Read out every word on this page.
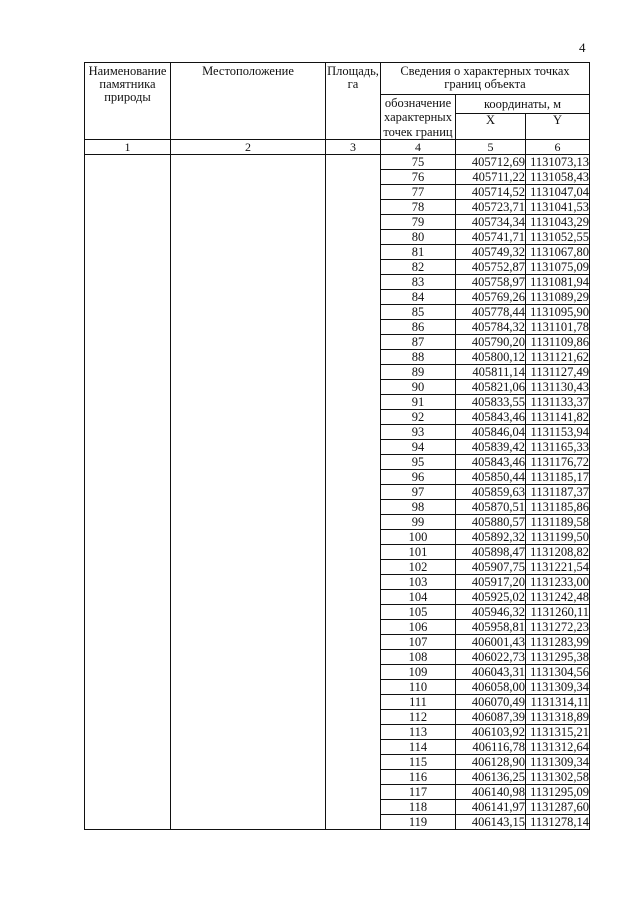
4
Наименование памятника природы	Местоположение	Площадь, га	Сведения о характерных точках границ объекта		
			обозначение характерных точек границ	координаты, м	
				X	Y
1	2	3	4	5	6
			75	405712,69	1131073,13
			76	405711,22	1131058,43
			77	405714,52	1131047,04
			78	405723,71	1131041,53
			79	405734,34	1131043,29
			80	405741,71	1131052,55
			81	405749,32	1131067,80
			82	405752,87	1131075,09
			83	405758,97	1131081,94
			84	405769,26	1131089,29
			85	405778,44	1131095,90
			86	405784,32	1131101,78
			87	405790,20	1131109,86
			88	405800,12	1131121,62
			89	405811,14	1131127,49
			90	405821,06	1131130,43
			91	405833,55	1131133,37
			92	405843,46	1131141,82
			93	405846,04	1131153,94
			94	405839,42	1131165,33
			95	405843,46	1131176,72
			96	405850,44	1131185,17
			97	405859,63	1131187,37
			98	405870,51	1131185,86
			99	405880,57	1131189,58
			100	405892,32	1131199,50
			101	405898,47	1131208,82
			102	405907,75	1131221,54
			103	405917,20	1131233,00
			104	405925,02	1131242,48
			105	405946,32	1131260,11
			106	405958,81	1131272,23
			107	406001,43	1131283,99
			108	406022,73	1131295,38
			109	406043,31	1131304,56
			110	406058,00	1131309,34
			111	406070,49	1131314,11
			112	406087,39	1131318,89
			113	406103,92	1131315,21
			114	406116,78	1131312,64
			115	406128,90	1131309,34
			116	406136,25	1131302,58
			117	406140,98	1131295,09
			118	406141,97	1131287,60
			119	406143,15	1131278,14
